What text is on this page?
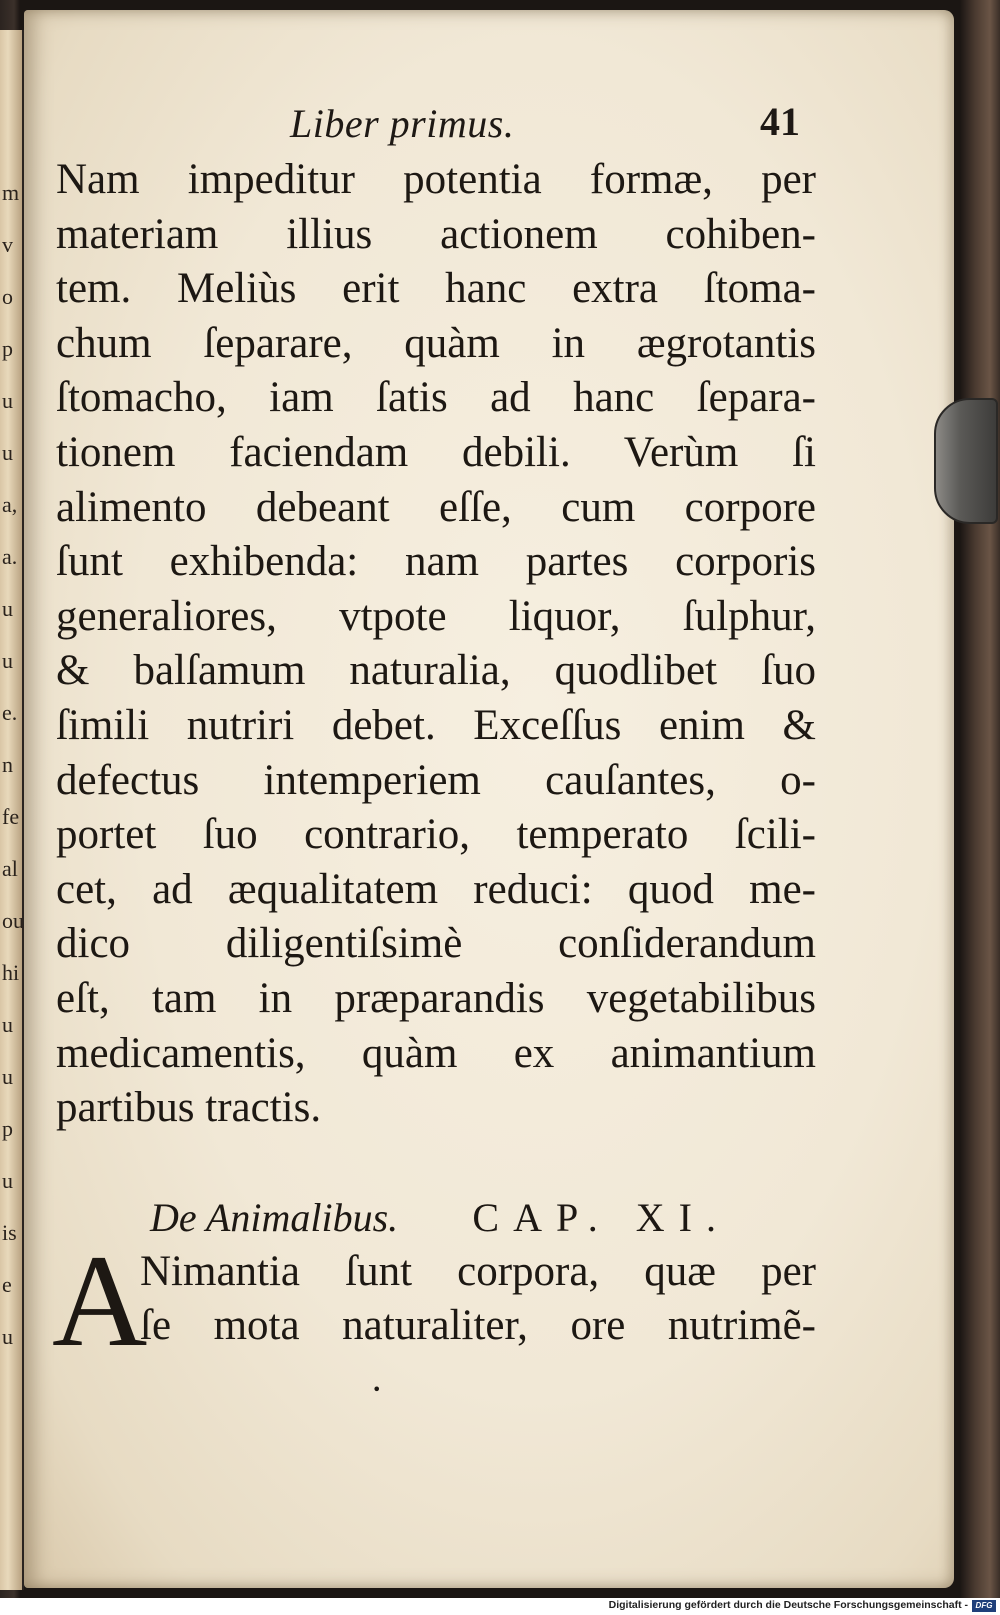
m
v
o
p
u
u
a,
a.
u
u
e.
n
fe
al
ou
hi
u
u
p
u
is
e
u
Liber primus.	41
Nam impeditur potentia formæ, per
materiam illius actionem cohiben-
tem. Meliùs erit hanc extra ſtoma-
chum ſeparare, quàm in ægrotantis
ſtomacho, iam ſatis ad hanc ſepara-
tionem faciendam debili. Verùm ſi
alimento debeant eſſe, cum corpore
ſunt exhibenda: nam partes corporis
generaliores, vtpote liquor, ſulphur,
& balſamum naturalia, quodlibet ſuo
ſimili nutriri debet. Exceſſus enim &
defectus intemperiem cauſantes, o-
portet ſuo contrario, temperato ſcili-
cet, ad æqualitatem reduci: quod me-
dico diligentiſsimè conſiderandum
eſt, tam in præparandis vegetabilibus
medicamentis, quàm ex animantium
partibus tractis.
De Animalibus. CAP. XI.
A
Nimantia ſunt corpora, quæ per
ſe mota naturaliter, ore nutrimẽ-
•
Digitalisierung gefördert durch die Deutsche Forschungsgemeinschaft - DFG
